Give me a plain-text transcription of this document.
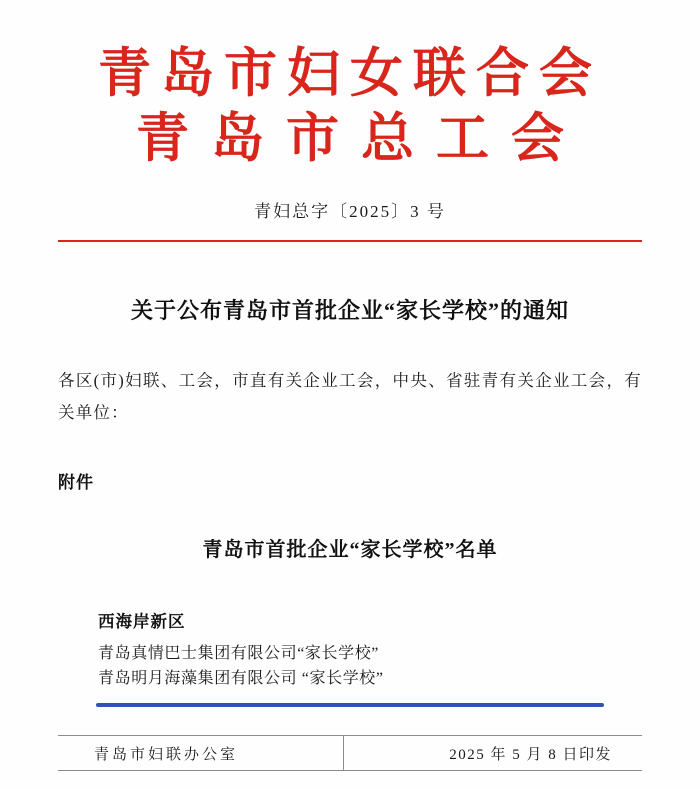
青岛市妇女联合会
青岛市总工会
青妇总字〔2025〕3 号
关于公布青岛市首批企业“家长学校”的通知
各区(市)妇联、工会，市直有关企业工会，中央、省驻青有关企业工会，有关单位：
附件
青岛市首批企业“家长学校”名单
西海岸新区
青岛真情巴士集团有限公司“家长学校”
青岛明月海藻集团有限公司 “家长学校”
青岛市妇联办公室	2025 年 5 月 8 日印发
